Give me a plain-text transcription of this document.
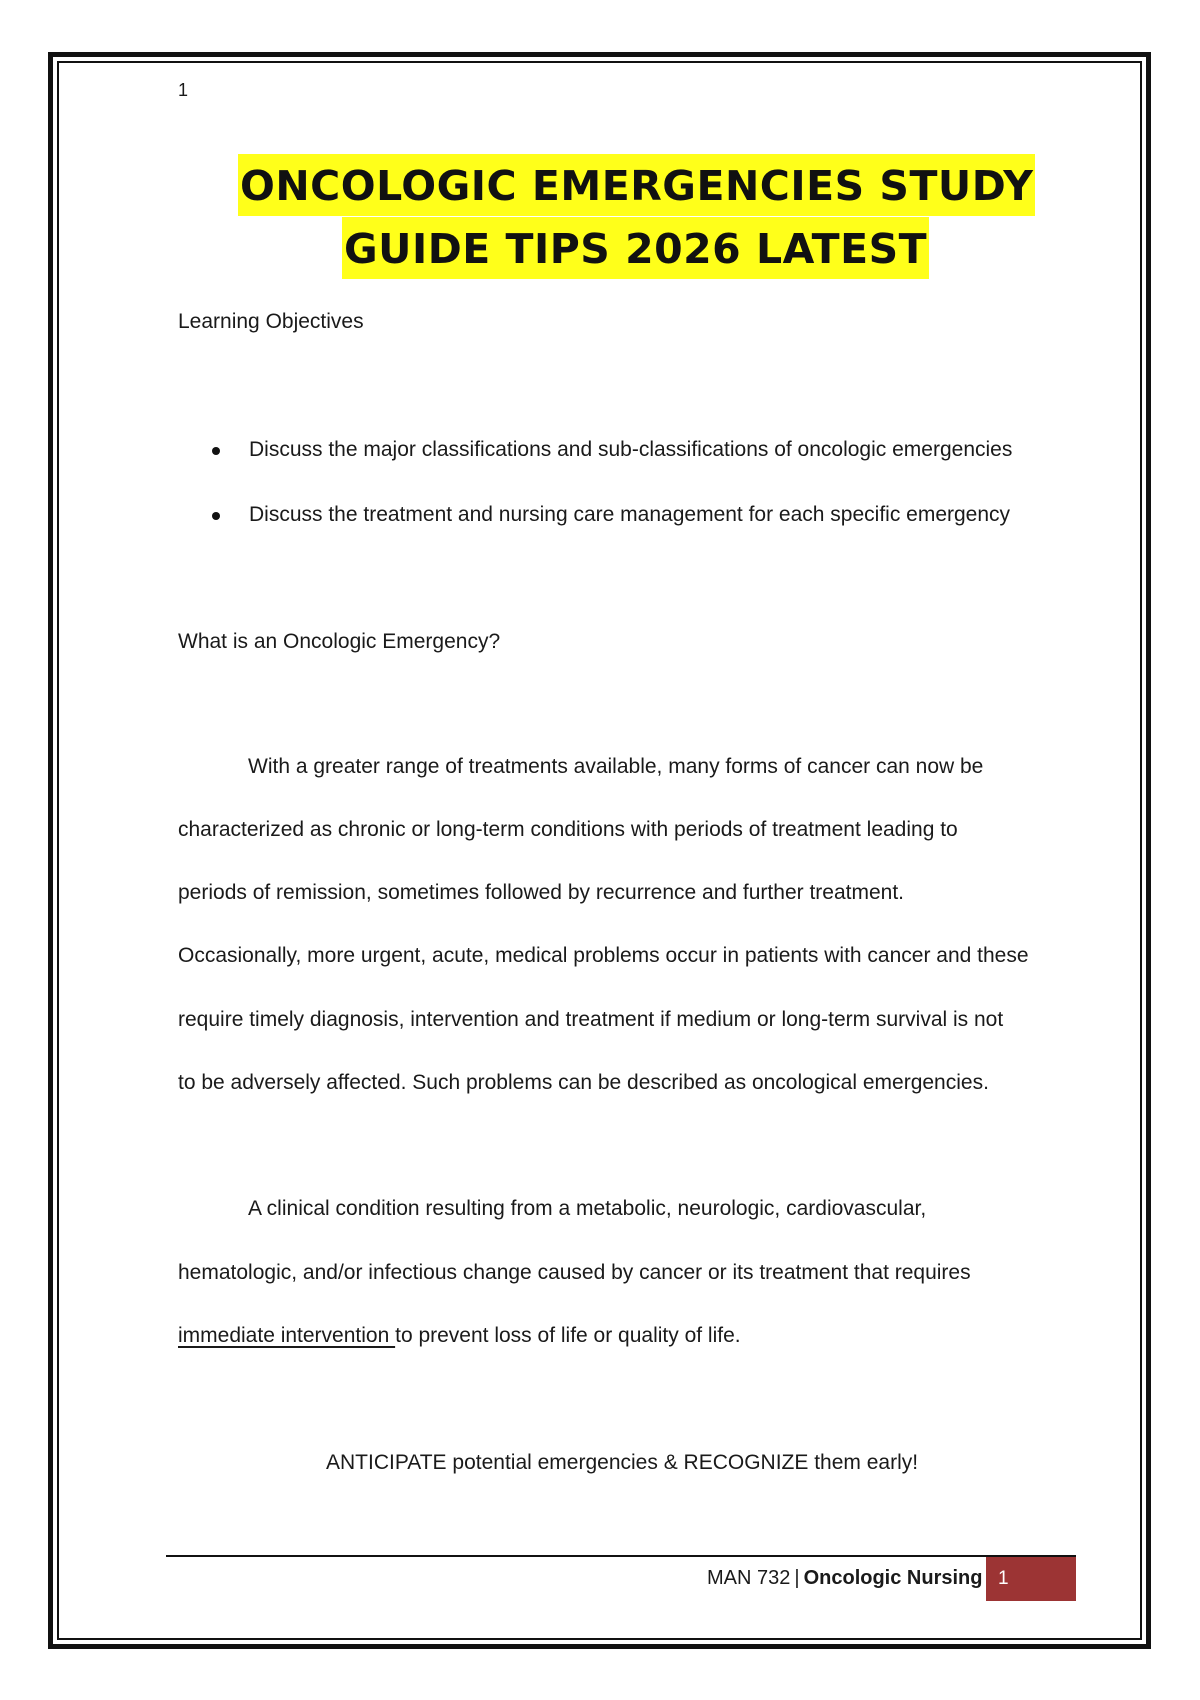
1
ONCOLOGIC EMERGENCIES STUDY
GUIDE TIPS 2026 LATEST
Learning Objectives
Discuss the major classifications and sub-classifications of oncologic emergencies
Discuss the treatment and nursing care management for each specific emergency
What is an Oncologic Emergency?
With a greater range of treatments available, many forms of cancer can now be
characterized as chronic or long-term conditions with periods of treatment leading to
periods of remission, sometimes followed by recurrence and further treatment.
Occasionally, more urgent, acute, medical problems occur in patients with cancer and these
require timely diagnosis, intervention and treatment if medium or long-term survival is not
to be adversely affected. Such problems can be described as oncological emergencies.
A clinical condition resulting from a metabolic, neurologic, cardiovascular,
hematologic, and/or infectious change caused by cancer or its treatment that requires
immediate intervention to prevent loss of life or quality of life.
ANTICIPATE potential emergencies & RECOGNIZE them early!
MAN 732 | Oncologic Nursing 1
